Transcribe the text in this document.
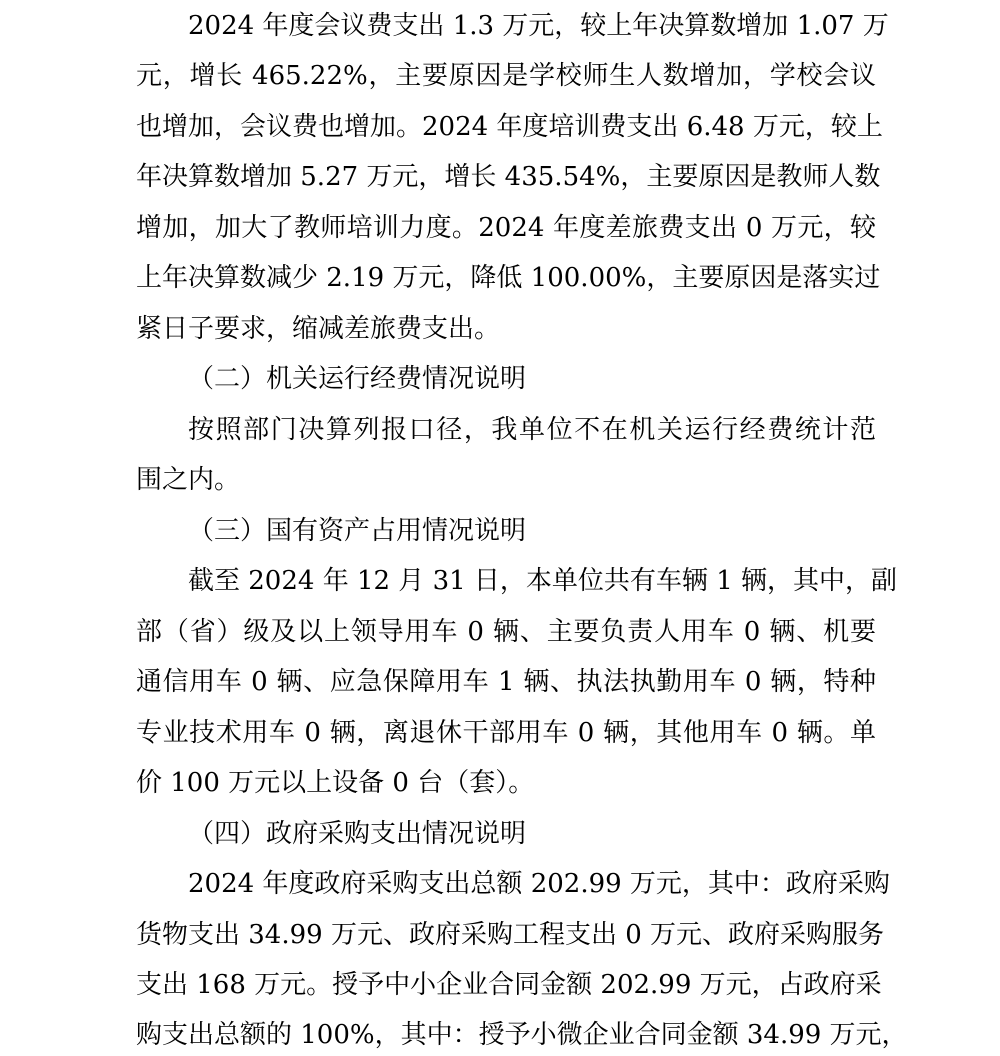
2024 年度会议费支出 1.3 万元，较上年决算数增加 1.07 万
元，增长 465.22%，主要原因是学校师生人数增加，学校会议
也增加，会议费也增加。2024 年度培训费支出 6.48 万元，较上
年决算数增加 5.27 万元，增长 435.54%，主要原因是教师人数
增加，加大了教师培训力度。2024 年度差旅费支出 0 万元，较
上年决算数减少 2.19 万元，降低 100.00%，主要原因是落实过
紧日子要求，缩减差旅费支出。
（二）机关运行经费情况说明
按照部门决算列报口径，我单位不在机关运行经费统计范
围之内。
（三）国有资产占用情况说明
截至 2024 年 12 月 31 日，本单位共有车辆 1 辆，其中，副
部（省）级及以上领导用车 0 辆、主要负责人用车 0 辆、机要
通信用车 0 辆、应急保障用车 1 辆、执法执勤用车 0 辆，特种
专业技术用车 0 辆，离退休干部用车 0 辆，其他用车 0 辆。单
价 100 万元以上设备 0 台（套）。
（四）政府采购支出情况说明
2024 年度政府采购支出总额 202.99 万元，其中：政府采购
货物支出 34.99 万元、政府采购工程支出 0 万元、政府采购服务
支出 168 万元。授予中小企业合同金额 202.99 万元，占政府采
购支出总额的 100%，其中：授予小微企业合同金额 34.99 万元，
